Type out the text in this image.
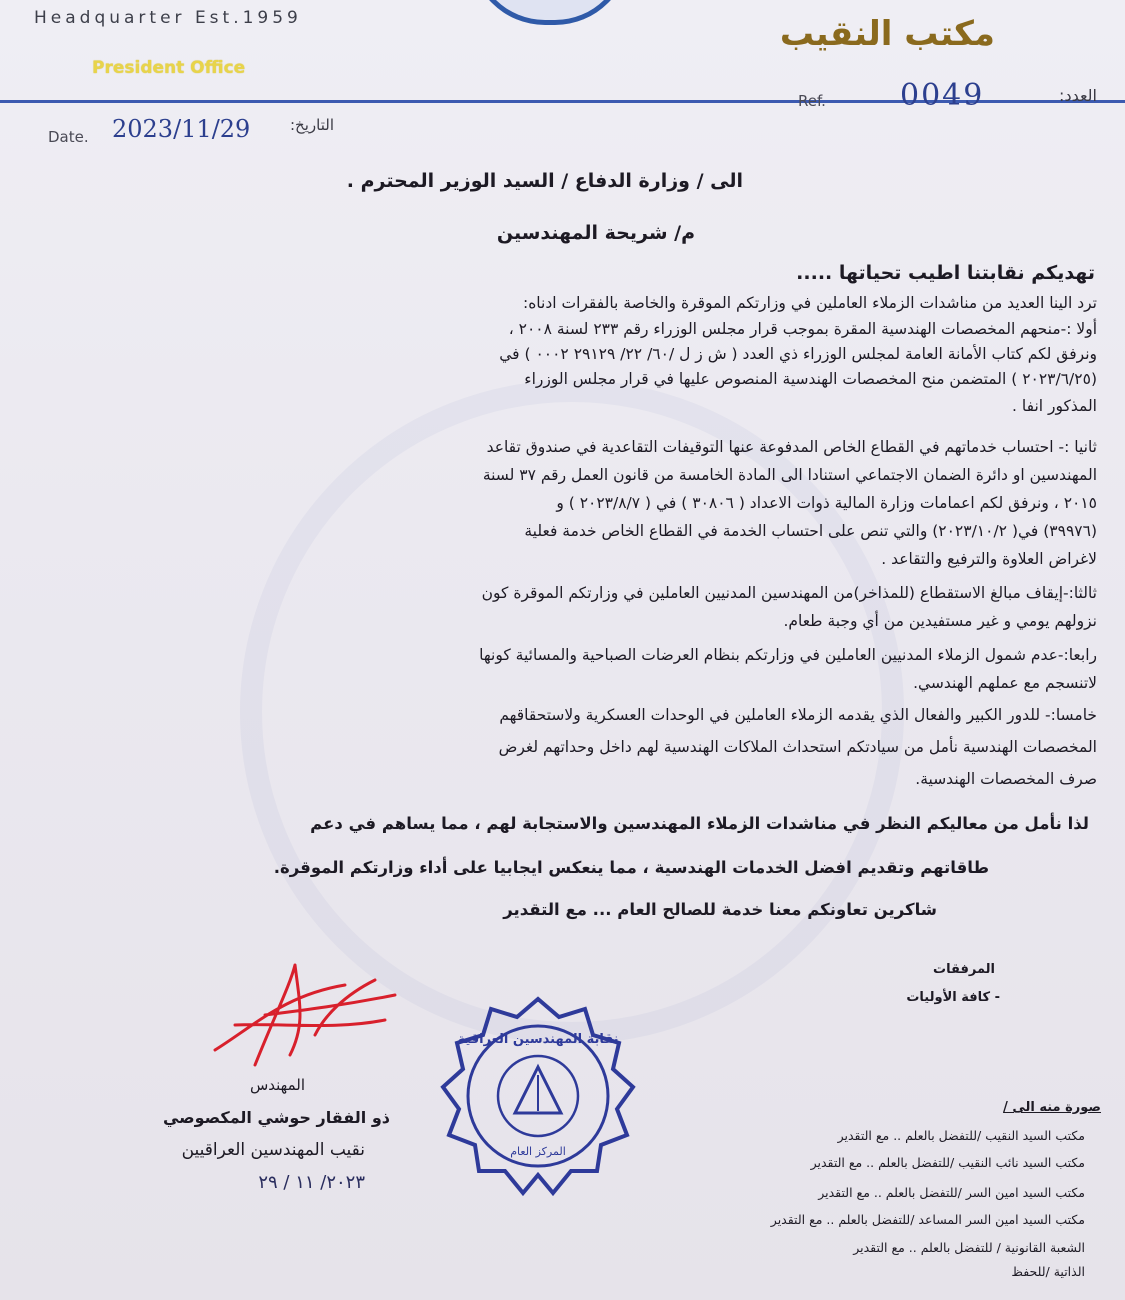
Headquarter Est.1959
President Office
مكتب النقيب
Ref. 0049	العدد:
Date. 2023/11/29	التاريخ:
الى / وزارة الدفاع / السيد الوزير المحترم .
م/ شريحة المهندسين
تهديكم نقابتنا اطيب تحياتها .....
ترد الينا العديد من مناشدات الزملاء العاملين في وزارتكم الموقرة والخاصة بالفقرات ادناه:
أولا :-منحهم المخصصات الهندسية المقرة بموجب قرار مجلس الوزراء رقم ٢٣٣ لسنة ٢٠٠٨ ،
ونرفق لكم كتاب الأمانة العامة لمجلس الوزراء ذي العدد ( ش ز ل /٦٠/ ٢٢/ ٢٩١٢٩ ٠٠٠٢ ) في
(٢٠٢٣/٦/٢٥ ) المتضمن منح المخصصات الهندسية المنصوص عليها في قرار مجلس الوزراء
المذكور انفا .
ثانيا :- احتساب خدماتهم في القطاع الخاص المدفوعة عنها التوقيفات التقاعدية في صندوق تقاعد
المهندسين او دائرة الضمان الاجتماعي استنادا الى المادة الخامسة من قانون العمل رقم ٣٧ لسنة
٢٠١٥ ، ونرفق لكم اعمامات وزارة المالية ذوات الاعداد ( ٣٠٨٠٦ ) في ( ٢٠٢٣/٨/٧ ) و
(٣٩٩٧٦) في( ٢٠٢٣/١٠/٢) والتي تنص على احتساب الخدمة في القطاع الخاص خدمة فعلية
لاغراض العلاوة والترفيع والتقاعد .
ثالثا:-إيقاف مبالغ الاستقطاع (للمذاخر)من المهندسين المدنيين العاملين في وزارتكم الموقرة كون
نزولهم يومي و غير مستفيدين من أي وجبة طعام.
رابعا:-عدم شمول الزملاء المدنيين العاملين في وزارتكم بنظام العرضات الصباحية والمسائية كونها
لاتنسجم مع عملهم الهندسي.
خامسا:- للدور الكبير والفعال الذي يقدمه الزملاء العاملين في الوحدات العسكرية ولاستحقاقهم
المخصصات الهندسية نأمل من سيادتكم استحداث الملاكات الهندسية لهم داخل وحداتهم لغرض
صرف المخصصات الهندسية.
لذا نأمل من معاليكم النظر في مناشدات الزملاء المهندسين والاستجابة لهم ، مما يساهم في دعم
طاقاتهم وتقديم افضل الخدمات الهندسية ، مما ينعكس ايجابيا على أداء وزارتكم الموقرة.
شاكرين تعاونكم معنا خدمة للصالح العام ... مع التقدير
المرفقات
- كافة الأوليات
المهندس
ذو الفقار حوشي المكصوصي
نقيب المهندسين العراقيين
٢٠٢٣/ ١١ / ٢٩
نقابة المهندسين العراقية
المركز العام
صورة منه الى /
مكتب السيد النقيب /للتفضل بالعلم .. مع التقدير
مكتب السيد نائب النقيب /للتفضل بالعلم .. مع التقدير
مكتب السيد امين السر /للتفضل بالعلم .. مع التقدير
مكتب السيد امين السر المساعد /للتفضل بالعلم .. مع التقدير
الشعبة القانونية / للتفضل بالعلم .. مع التقدير
الذاتية /للحفظ
